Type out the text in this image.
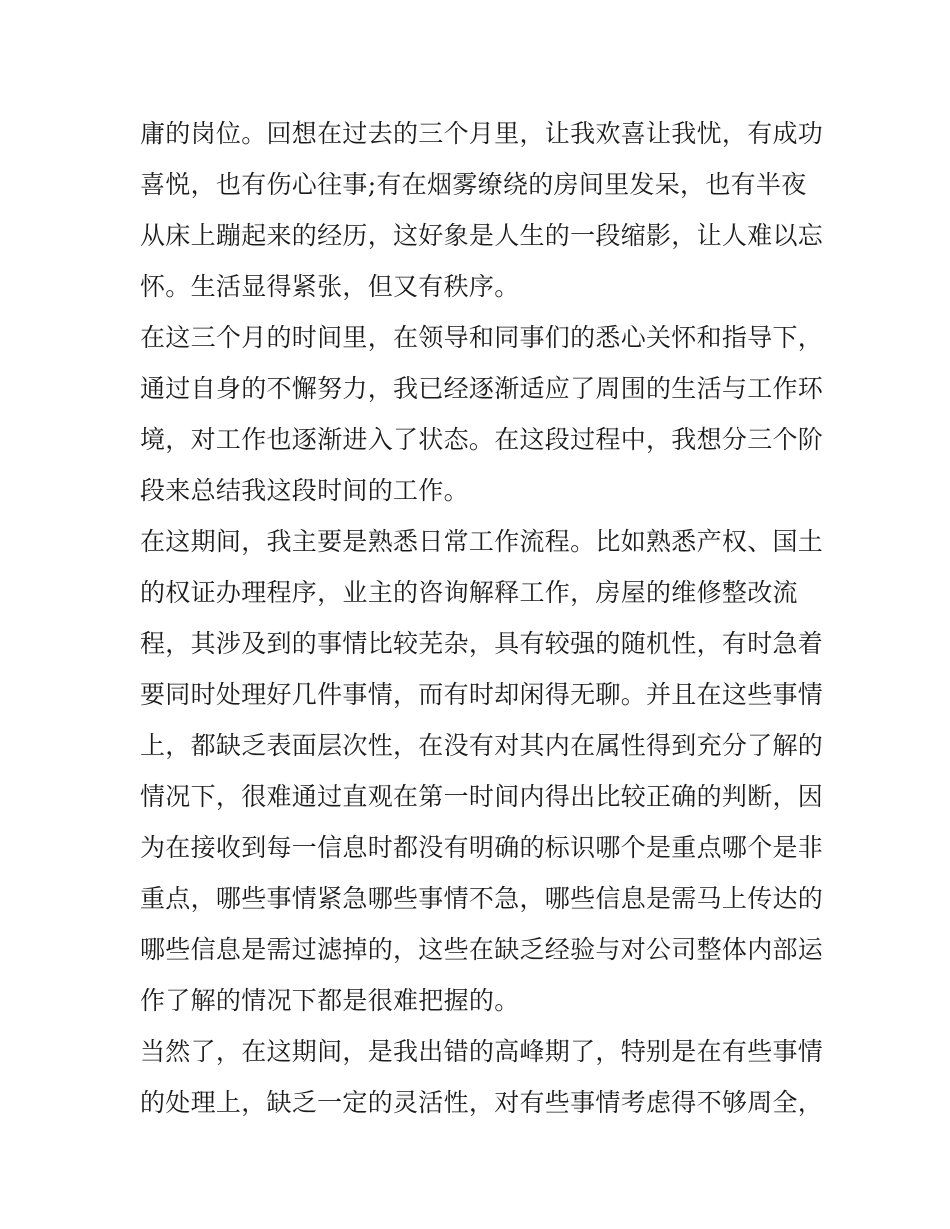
庸的岗位。回想在过去的三个月里，让我欢喜让我忧，有成功
喜悦，也有伤心往事;有在烟雾缭绕的房间里发呆，也有半夜
从床上蹦起来的经历，这好象是人生的一段缩影，让人难以忘
怀。生活显得紧张，但又有秩序。
在这三个月的时间里，在领导和同事们的悉心关怀和指导下，
通过自身的不懈努力，我已经逐渐适应了周围的生活与工作环
境，对工作也逐渐进入了状态。在这段过程中，我想分三个阶
段来总结我这段时间的工作。
在这期间，我主要是熟悉日常工作流程。比如熟悉产权、国土
的权证办理程序，业主的咨询解释工作，房屋的维修整改流
程，其涉及到的事情比较芜杂，具有较强的随机性，有时急着
要同时处理好几件事情，而有时却闲得无聊。并且在这些事情
上，都缺乏表面层次性，在没有对其内在属性得到充分了解的
情况下，很难通过直观在第一时间内得出比较正确的判断，因
为在接收到每一信息时都没有明确的标识哪个是重点哪个是非
重点，哪些事情紧急哪些事情不急，哪些信息是需马上传达的
哪些信息是需过滤掉的，这些在缺乏经验与对公司整体内部运
作了解的情况下都是很难把握的。
当然了，在这期间，是我出错的高峰期了，特别是在有些事情
的处理上，缺乏一定的灵活性，对有些事情考虑得不够周全，
